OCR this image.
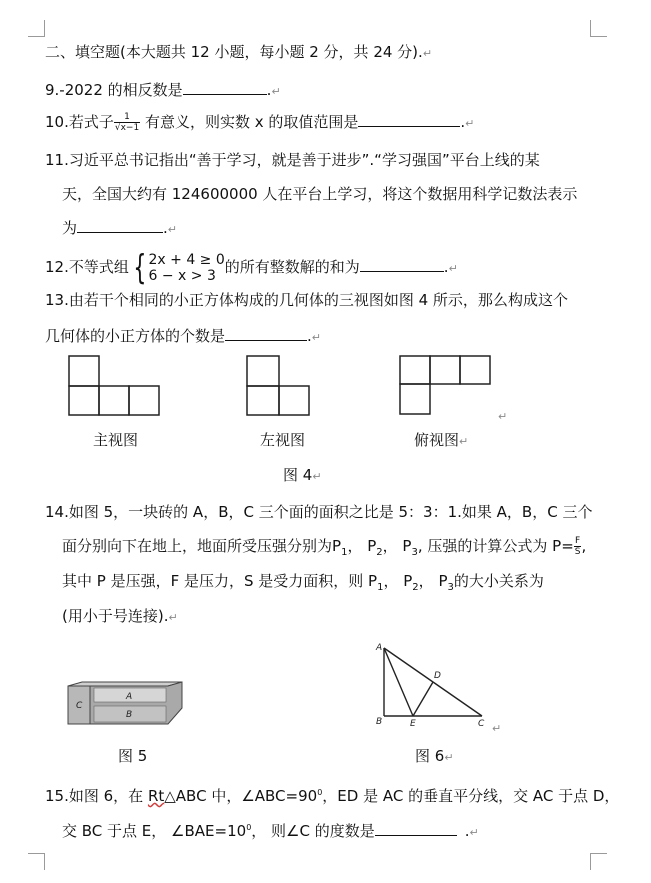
二、填空题(本大题共 12 小题，每小题 2 分，共 24 分).↵
9.-2022 的相反数是	.↵
10.若式子 $\frac{1}{√x-1}$ 有意义，则实数 x 的取值范围是	.↵
11.习近平总书记指出“善于学习，就是善于进步”.“学习强国”平台上线的某
天，全国大约有 124600000 人在平台上学习，将这个数据用科学记数法表示
为	.↵
12.不等式组 { 2x + 4 ≥ 0
6 − x > 3 的所有整数解的和为	.↵
13.由若干个相同的小正方体构成的几何体的三视图如图 4 所示，那么构成这个
几何体的小正方体的个数是	.↵
主视图	左视图	俯视图↵
↵
图 4↵
14.如图 5，一块砖的 A，B，C 三个面的面积之比是 5：3：1.如果 A，B，C 三个
面分别向下在地上，地面所受压强分别为$P_1$， $P_2$， $P_3$, 压强的计算公式为 $P= \frac{F}{S}$ ,
其中 P 是压强，F 是压力，S 是受力面积，则 $P_1$， $P_2$， $P_3$的大小关系为
(用小于号连接).↵
A
B
C
图 5
A
B	E	C
D
↵
图 6↵
15.如图 6，在 Rt△ABC 中，$\angle ABC=90^0$，ED 是 AC 的垂直平分线，交 AC 于点 D，
交 BC 于点 E， $\angle BAE=10^0$， 则∠C 的度数是	.↵
